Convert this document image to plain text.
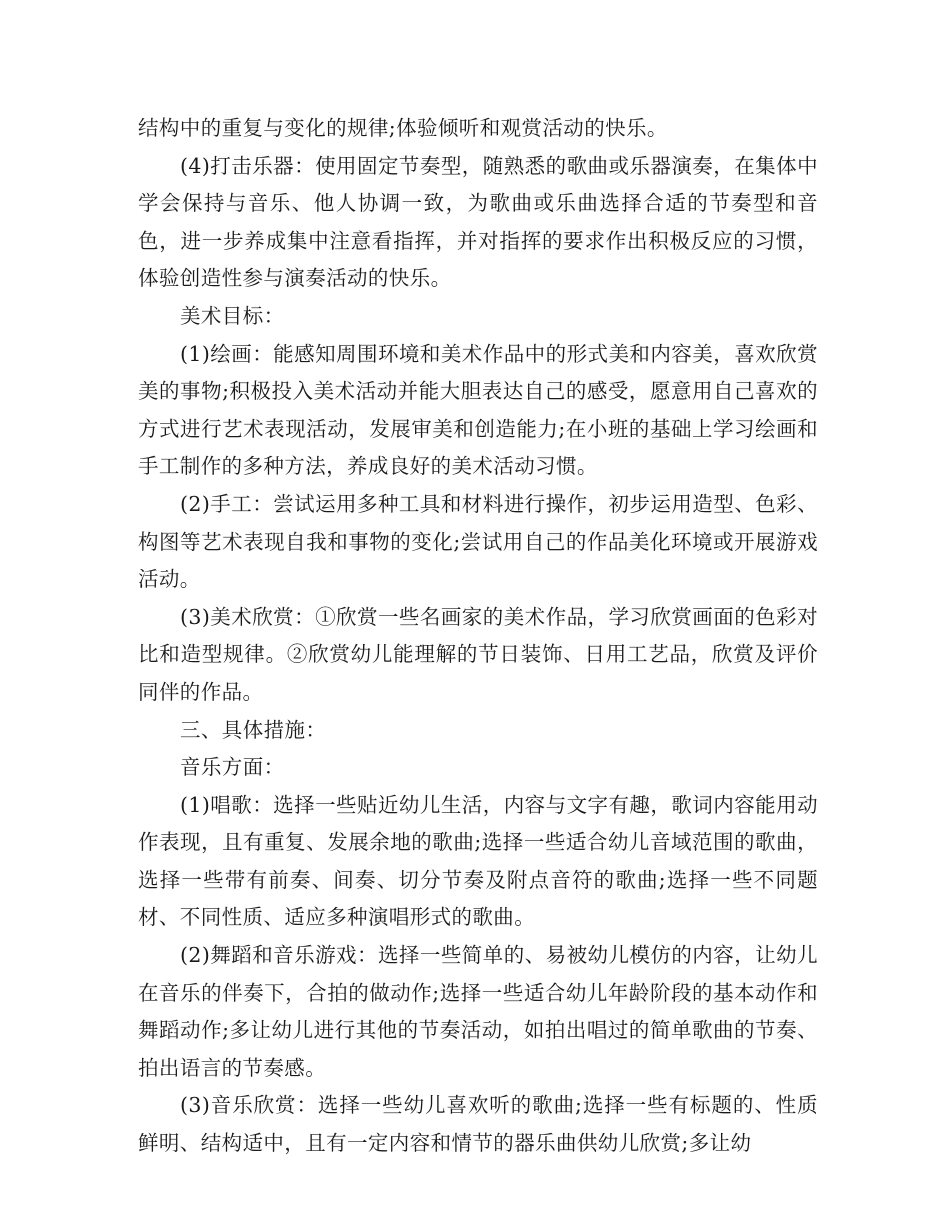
结构中的重复与变化的规律;体验倾听和观赏活动的快乐。

(4)打击乐器：使用固定节奏型，随熟悉的歌曲或乐器演奏，在集体中学会保持与音乐、他人协调一致，为歌曲或乐曲选择合适的节奏型和音色，进一步养成集中注意看指挥，并对指挥的要求作出积极反应的习惯，体验创造性参与演奏活动的快乐。

美术目标：

(1)绘画：能感知周围环境和美术作品中的形式美和内容美，喜欢欣赏美的事物;积极投入美术活动并能大胆表达自己的感受，愿意用自己喜欢的方式进行艺术表现活动，发展审美和创造能力;在小班的基础上学习绘画和手工制作的多种方法，养成良好的美术活动习惯。

(2)手工：尝试运用多种工具和材料进行操作，初步运用造型、色彩、构图等艺术表现自我和事物的变化;尝试用自己的作品美化环境或开展游戏活动。

(3)美术欣赏：①欣赏一些名画家的美术作品，学习欣赏画面的色彩对比和造型规律。②欣赏幼儿能理解的节日装饰、日用工艺品，欣赏及评价同伴的作品。

三、具体措施：

音乐方面：

(1)唱歌：选择一些贴近幼儿生活，内容与文字有趣，歌词内容能用动作表现，且有重复、发展余地的歌曲;选择一些适合幼儿音域范围的歌曲，选择一些带有前奏、间奏、切分节奏及附点音符的歌曲;选择一些不同题材、不同性质、适应多种演唱形式的歌曲。

(2)舞蹈和音乐游戏：选择一些简单的、易被幼儿模仿的内容，让幼儿在音乐的伴奏下，合拍的做动作;选择一些适合幼儿年龄阶段的基本动作和舞蹈动作;多让幼儿进行其他的节奏活动，如拍出唱过的简单歌曲的节奏、拍出语言的节奏感。

(3)音乐欣赏：选择一些幼儿喜欢听的歌曲;选择一些有标题的、性质鲜明、结构适中，且有一定内容和情节的器乐曲供幼儿欣赏;多让幼
